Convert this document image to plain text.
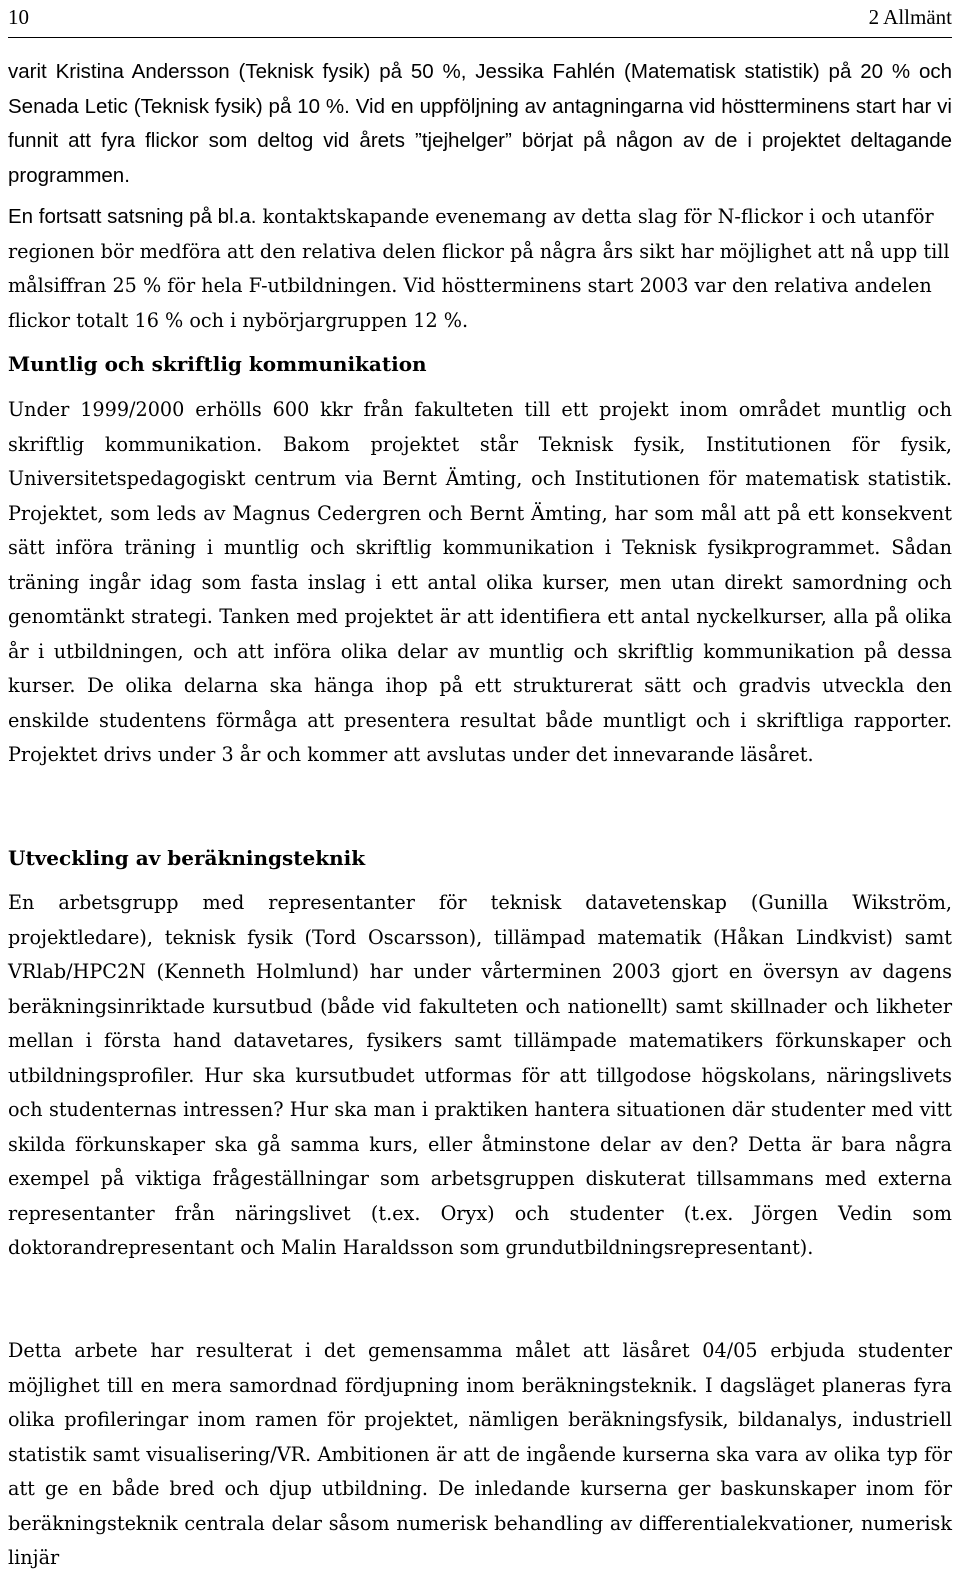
10	2 Allmänt

varit Kristina Andersson (Teknisk fysik) på 50 %, Jessika Fahlén (Matematisk statistik) på 20 % och Senada Letic (Teknisk fysik) på 10 %. Vid en uppföljning av antagningarna vid höstterminens start har vi funnit att fyra flickor som deltog vid årets ”tjejhelger” börjat på någon av de i projektet deltagande programmen.

En fortsatt satsning på bl.a. kontaktskapande evenemang av detta slag för N-flickor i och utanför regionen bör medföra att den relativa delen flickor på några års sikt har möjlighet att nå upp till målsiffran 25 % för hela F-utbildningen. Vid höstterminens start 2003 var den relativa andelen flickor totalt 16 % och i nybörjargruppen 12 %.

Muntlig och skriftlig kommunikation

Under 1999/2000 erhölls 600 kkr från fakulteten till ett projekt inom området muntlig och skriftlig kommunikation. Bakom projektet står Teknisk fysik, Institutionen för fysik, Universitetspedagogiskt centrum via Bernt Ämting, och Institutionen för matematisk statistik. Projektet, som leds av Magnus Cedergren och Bernt Ämting, har som mål att på ett konsekvent sätt införa träning i muntlig och skriftlig kommunikation i Teknisk fysikprogrammet. Sådan träning ingår idag som fasta inslag i ett antal olika kurser, men utan direkt samordning och genomtänkt strategi. Tanken med projektet är att identifiera ett antal nyckelkurser, alla på olika år i utbildningen, och att införa olika delar av muntlig och skriftlig kommunikation på dessa kurser. De olika delarna ska hänga ihop på ett strukturerat sätt och gradvis utveckla den enskilde studentens förmåga att presentera resultat både muntligt och i skriftliga rapporter. Projektet drivs under 3 år och kommer att avslutas under det innevarande läsåret.

Utveckling av beräkningsteknik

En arbetsgrupp med representanter för teknisk datavetenskap (Gunilla Wikström, projektledare), teknisk fysik (Tord Oscarsson), tillämpad matematik (Håkan Lindkvist) samt VRlab/HPC2N (Kenneth Holmlund) har under vårterminen 2003 gjort en översyn av dagens beräkningsinriktade kursutbud (både vid fakulteten och nationellt) samt skillnader och likheter mellan i första hand datavetares, fysikers samt tillämpade matematikers förkunskaper och utbildningsprofiler. Hur ska kursutbudet utformas för att tillgodose högskolans, näringslivets och studenternas intressen? Hur ska man i praktiken hantera situationen där studenter med vitt skilda förkunskaper ska gå samma kurs, eller åtminstone delar av den? Detta är bara några exempel på viktiga frågeställningar som arbetsgruppen diskuterat tillsammans med externa representanter från näringslivet (t.ex. Oryx) och studenter (t.ex. Jörgen Vedin som doktorandrepresentant och Malin Haraldsson som grundutbildningsrepresentant).

Detta arbete har resulterat i det gemensamma målet att läsåret 04/05 erbjuda studenter möjlighet till en mera samordnad fördjupning inom beräkningsteknik. I dagsläget planeras fyra olika profileringar inom ramen för projektet, nämligen beräkningsfysik, bildanalys, industriell statistik samt visualisering/VR. Ambitionen är att de ingående kurserna ska vara av olika typ för att ge en både bred och djup utbildning. De inledande kurserna ger baskunskaper inom för beräkningsteknik centrala delar såsom numerisk behandling av differentialekvationer, numerisk linjär
